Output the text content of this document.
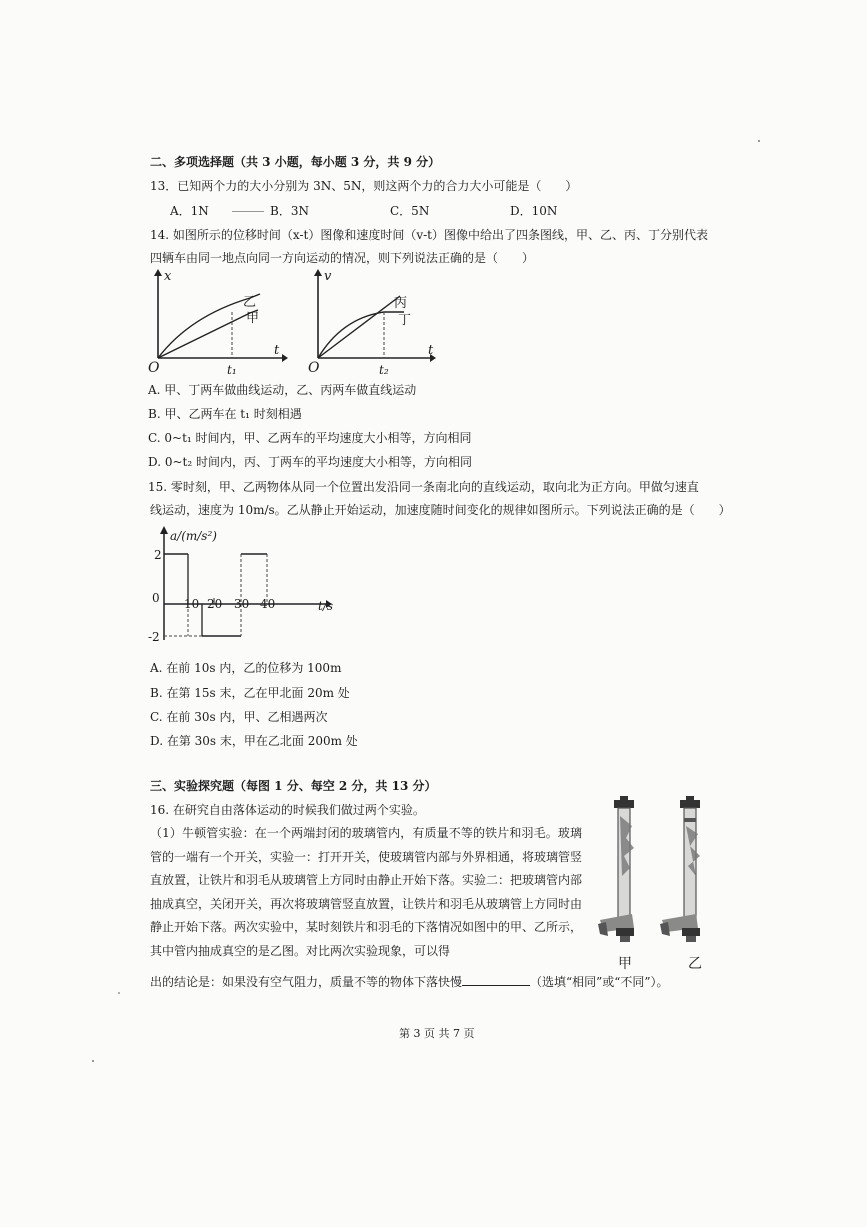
二、多项选择题（共 3 小题，每小题 3 分，共 9 分）
13．已知两个力的大小分别为 3N、5N，则这两个力的合力大小可能是（　　）
A．1N	B．3N	C．5N	D．10N
14. 如图所示的位移时间（x-t）图像和速度时间（v-t）图像中给出了四条图线，甲、乙、丙、丁分别代表
四辆车由同一地点向同一方向运动的情况，则下列说法正确的是（　　）
x
t
O	t₁
乙
甲
v
t
O	t₂
丙
丁
A. 甲、丁两车做曲线运动，乙、丙两车做直线运动
B. 甲、乙两车在 t₁ 时刻相遇
C. 0~t₁ 时间内，甲、乙两车的平均速度大小相等，方向相同
D. 0~t₂ 时间内，丙、丁两车的平均速度大小相等，方向相同
15. 零时刻，甲、乙两物体从同一个位置出发沿同一条南北向的直线运动，取向北为正方向。甲做匀速直
线运动，速度为 10m/s。乙从静止开始运动，加速度随时间变化的规律如图所示。下列说法正确的是（　　）
a/(m/s²)
t/s
2
0
-2
10 20 30 40
A. 在前 10s 内，乙的位移为 100m
B. 在第 15s 末，乙在甲北面 20m 处
C. 在前 30s 内，甲、乙相遇两次
D. 在第 30s 末，甲在乙北面 200m 处
三、实验探究题（每图 1 分、每空 2 分，共 13 分）
16. 在研究自由落体运动的时候我们做过两个实验。
（1）牛顿管实验：在一个两端封闭的玻璃管内，有质量不等的铁片和羽毛。玻璃管的一端有一个开关，实验一：打开开关，使玻璃管内部与外界相通，将玻璃管竖直放置，让铁片和羽毛从玻璃管上方同时由静止开始下落。实验二：把玻璃管内部抽成真空，关闭开关，再次将玻璃管竖直放置，让铁片和羽毛从玻璃管上方同时由静止开始下落。两次实验中，某时刻铁片和羽毛的下落情况如图中的甲、乙所示，其中管内抽成真空的是乙图。对比两次实验现象，可以得
出的结论是：如果没有空气阻力，质量不等的物体下落快慢	（选填“相同”或“不同”）。
甲	乙
第 3 页 共 7 页
